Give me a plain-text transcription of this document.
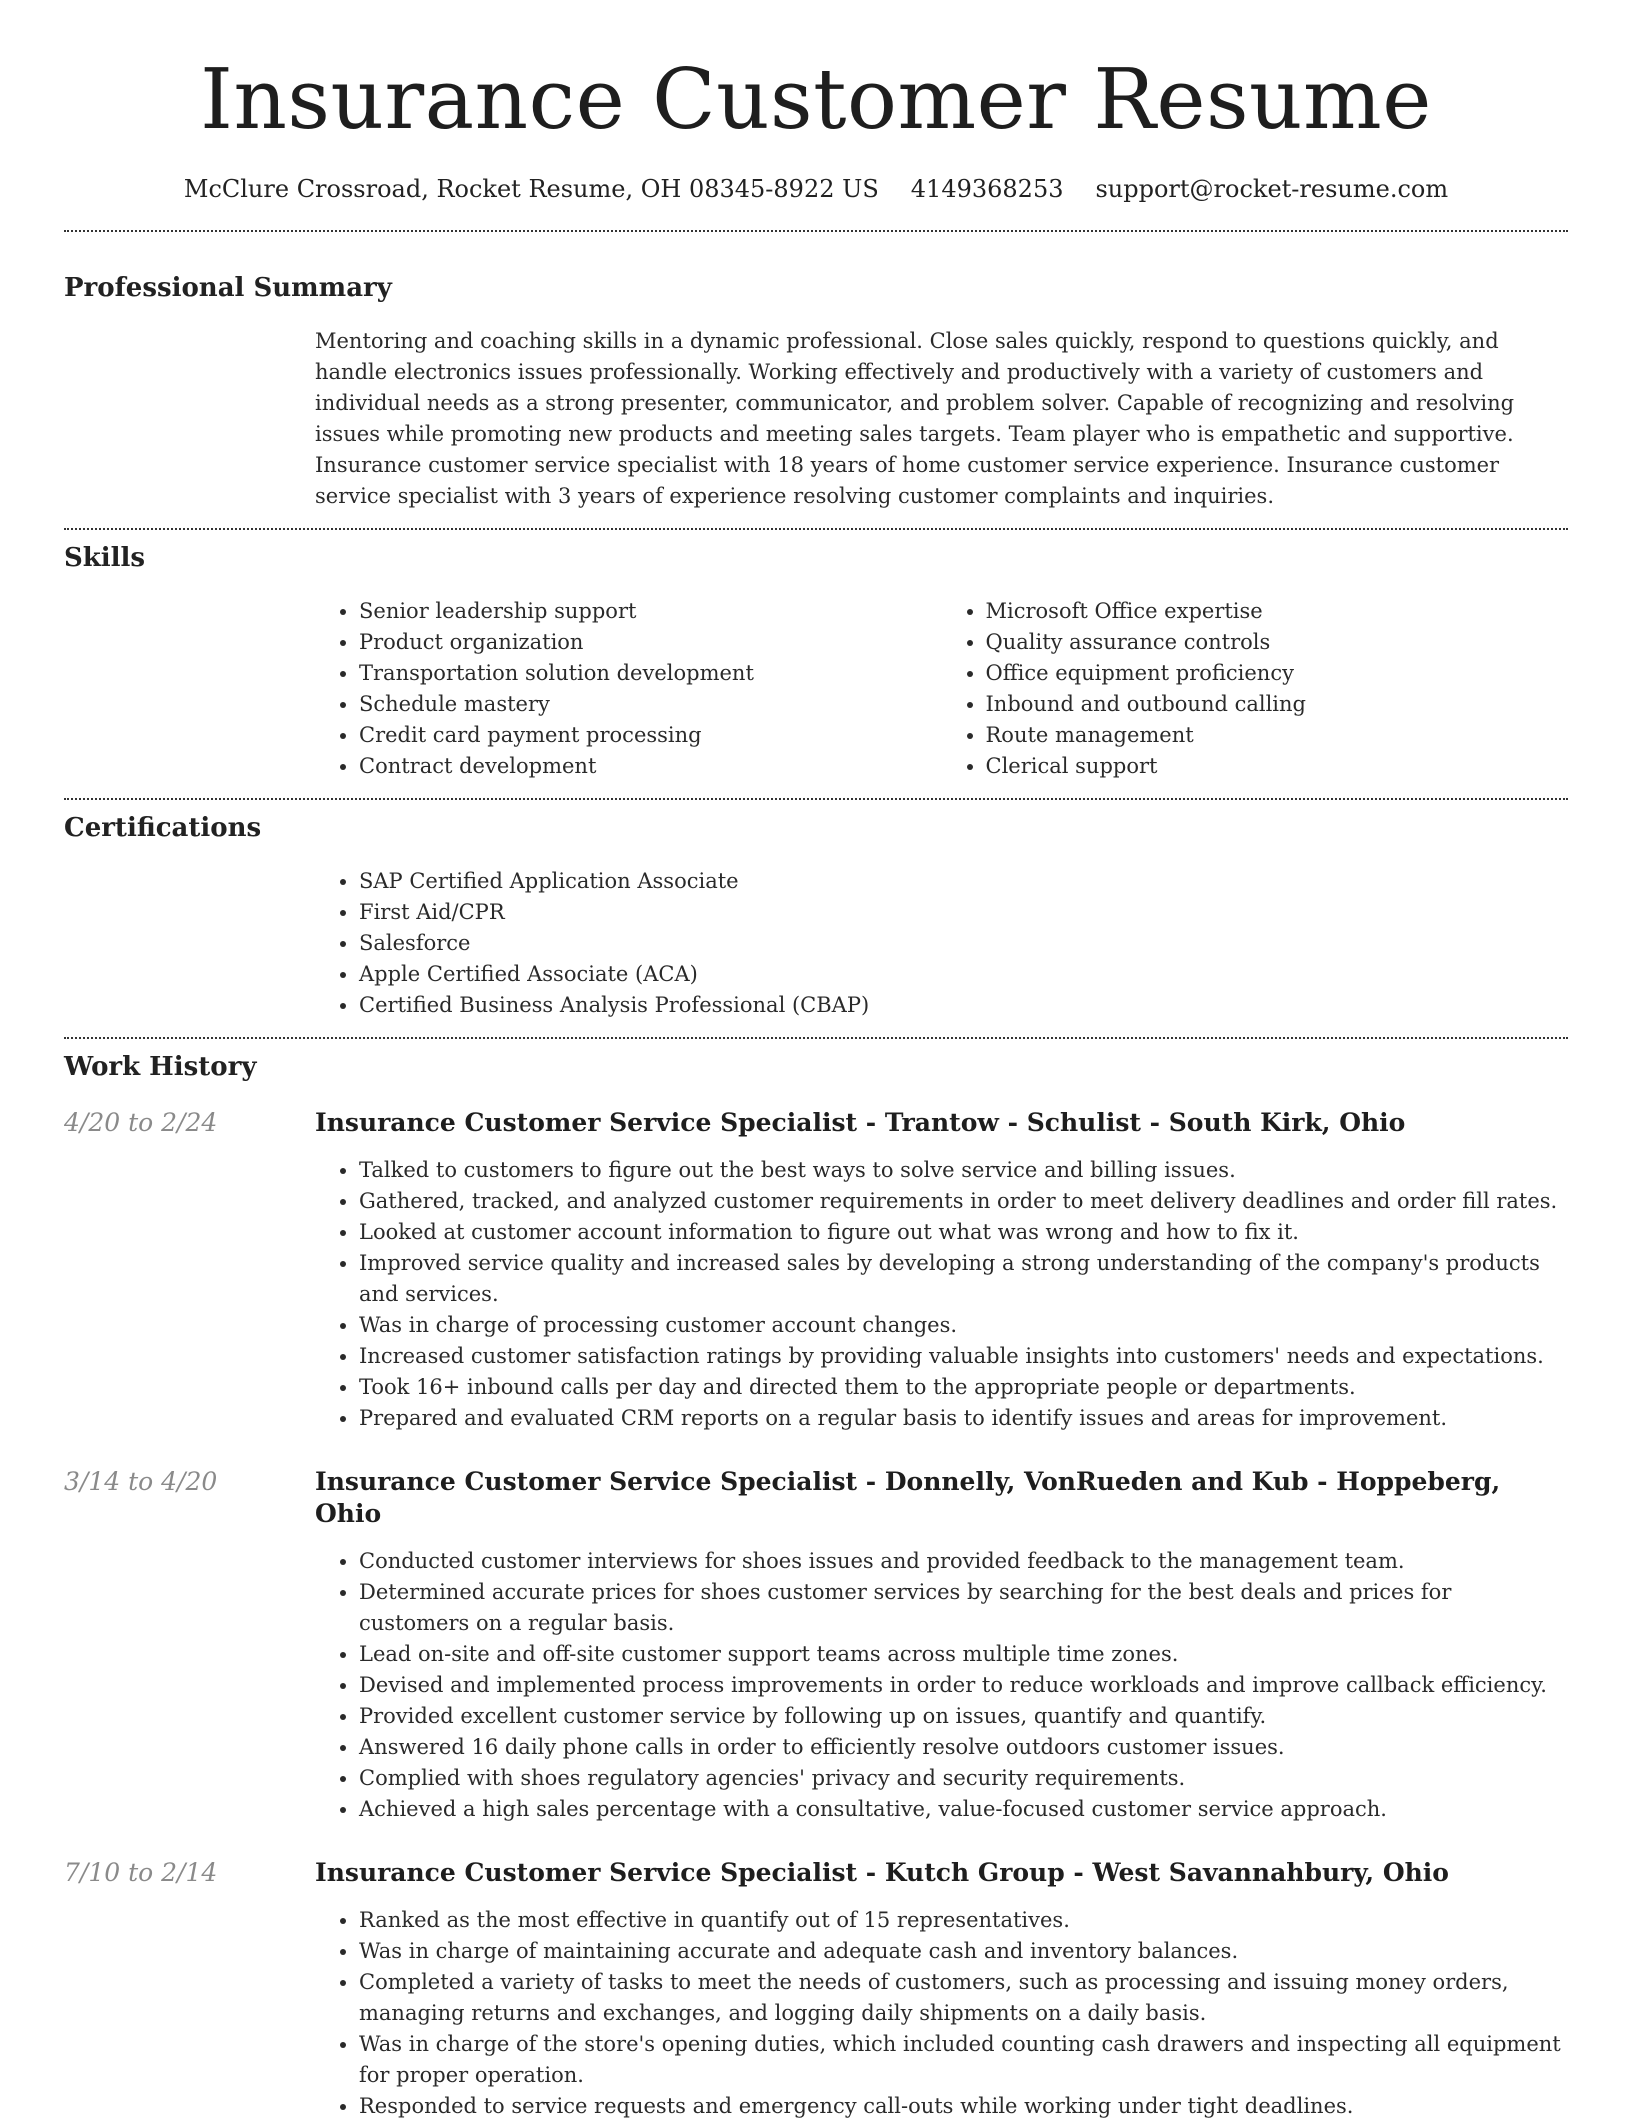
Insurance Customer Resume
McClure Crossroad, Rocket Resume, OH 08345-8922 US 4149368253 support@rocket-resume.com
Professional Summary

Mentoring and coaching skills in a dynamic professional. Close sales quickly, respond to questions quickly, and handle electronics issues professionally. Working effectively and productively with a variety of customers and individual needs as a strong presenter, communicator, and problem solver. Capable of recognizing and resolving issues while promoting new products and meeting sales targets. Team player who is empathetic and supportive. Insurance customer service specialist with 18 years of home customer service experience. Insurance customer service specialist with 3 years of experience resolving customer complaints and inquiries.

Skills
• Senior leadership support
• Product organization
• Transportation solution development
• Schedule mastery
• Credit card payment processing
• Contract development
• Microsoft Office expertise
• Quality assurance controls
• Office equipment proficiency
• Inbound and outbound calling
• Route management
• Clerical support
Certifications
• SAP Certified Application Associate
• First Aid/CPR
• Salesforce
• Apple Certified Associate (ACA)
• Certified Business Analysis Professional (CBAP)
Work History
4/20 to 2/24	Insurance Customer Service Specialist - Trantow - Schulist - South Kirk, Ohio
• Talked to customers to figure out the best ways to solve service and billing issues.
• Gathered, tracked, and analyzed customer requirements in order to meet delivery deadlines and order fill rates.
• Looked at customer account information to figure out what was wrong and how to fix it.
• Improved service quality and increased sales by developing a strong understanding of the company's products and services.
• Was in charge of processing customer account changes.
• Increased customer satisfaction ratings by providing valuable insights into customers' needs and expectations.
• Took 16+ inbound calls per day and directed them to the appropriate people or departments.
• Prepared and evaluated CRM reports on a regular basis to identify issues and areas for improvement.
3/14 to 4/20	Insurance Customer Service Specialist - Donnelly, VonRueden and Kub - Hoppeberg, Ohio
• Conducted customer interviews for shoes issues and provided feedback to the management team.
• Determined accurate prices for shoes customer services by searching for the best deals and prices for customers on a regular basis.
• Lead on-site and off-site customer support teams across multiple time zones.
• Devised and implemented process improvements in order to reduce workloads and improve callback efficiency.
• Provided excellent customer service by following up on issues, quantify and quantify.
• Answered 16 daily phone calls in order to efficiently resolve outdoors customer issues.
• Complied with shoes regulatory agencies' privacy and security requirements.
• Achieved a high sales percentage with a consultative, value-focused customer service approach.
7/10 to 2/14	Insurance Customer Service Specialist - Kutch Group - West Savannahbury, Ohio
• Ranked as the most effective in quantify out of 15 representatives.
• Was in charge of maintaining accurate and adequate cash and inventory balances.
• Completed a variety of tasks to meet the needs of customers, such as processing and issuing money orders, managing returns and exchanges, and logging daily shipments on a daily basis.
• Was in charge of the store's opening duties, which included counting cash drawers and inspecting all equipment for proper operation.
• Responded to service requests and emergency call-outs while working under tight deadlines.
